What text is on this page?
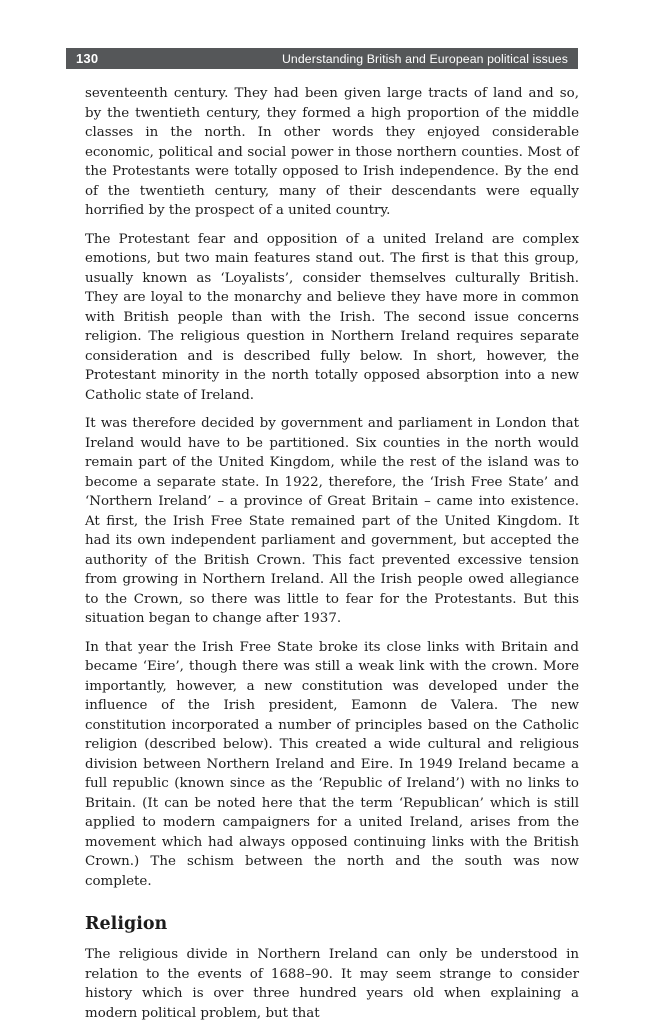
130	Understanding British and European political issues

seventeenth century. They had been given large tracts of land and so, by the twentieth century, they formed a high proportion of the middle classes in the north. In other words they enjoyed considerable economic, political and social power in those northern counties. Most of the Protestants were totally opposed to Irish independence. By the end of the twentieth century, many of their descendants were equally horrified by the prospect of a united country.

The Protestant fear and opposition of a united Ireland are complex emotions, but two main features stand out. The first is that this group, usually known as ‘Loyalists’, consider themselves culturally British. They are loyal to the monarchy and believe they have more in common with British people than with the Irish. The second issue concerns religion. The religious question in Northern Ireland requires separate consideration and is described fully below. In short, however, the Protestant minority in the north totally opposed absorption into a new Catholic state of Ireland.

It was therefore decided by government and parliament in London that Ireland would have to be partitioned. Six counties in the north would remain part of the United Kingdom, while the rest of the island was to become a separate state. In 1922, therefore, the ‘Irish Free State’ and ‘Northern Ireland’ – a province of Great Britain – came into existence. At first, the Irish Free State remained part of the United Kingdom. It had its own independent parliament and government, but accepted the authority of the British Crown. This fact prevented excessive tension from growing in Northern Ireland. All the Irish people owed allegiance to the Crown, so there was little to fear for the Protestants. But this situation began to change after 1937.

In that year the Irish Free State broke its close links with Britain and became ‘Eire’, though there was still a weak link with the crown. More importantly, however, a new constitution was developed under the influence of the Irish president, Eamonn de Valera. The new constitution incorporated a number of principles based on the Catholic religion (described below). This created a wide cultural and religious division between Northern Ireland and Eire. In 1949 Ireland became a full republic (known since as the ‘Republic of Ireland’) with no links to Britain. (It can be noted here that the term ‘Republican’ which is still applied to modern campaigners for a united Ireland, arises from the movement which had always opposed continuing links with the British Crown.) The schism between the north and the south was now complete.

Religion

The religious divide in Northern Ireland can only be understood in relation to the events of 1688–90. It may seem strange to consider history which is over three hundred years old when explaining a modern political problem, but that
